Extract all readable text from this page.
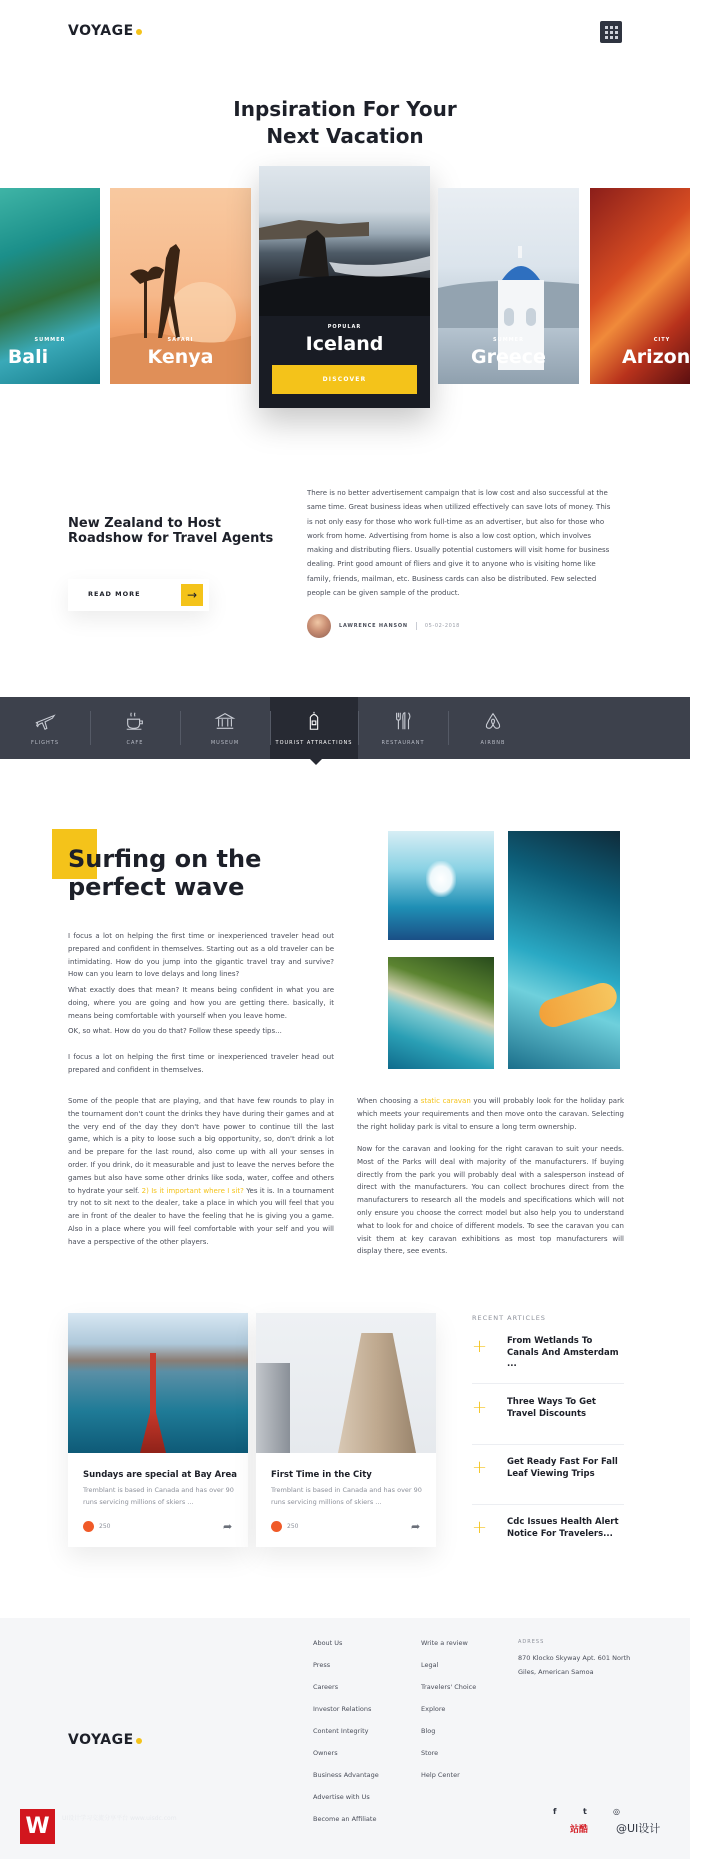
VOYAGE
Inpsiration For Your
Next Vacation
SUMMER
Bali
SAFARI
Kenya
POPULAR
Iceland
DISCOVER
SUMMER
Greece
CITY
Arizona
New Zealand to Host Roadshow for Travel Agents
READ MORE	→
There is no better advertisement campaign that is low cost and also successful at the same time. Great business ideas when utilized effectively can save lots of money. This is not only easy for those who work full-time as an advertiser, but also for those who work from home. Advertising from home is also a low cost option, which involves making and distributing fliers. Usually potential customers will visit home for business dealing. Print good amount of fliers and give it to anyone who is visiting home like family, friends, mailman, etc. Business cards can also be distributed. Few selected people can be given sample of the product.
LAWRENCE HANSON	05-02-2018
FLIGHTS	CAFE	MUSEUM	TOURIST ATTRACTIONS	RESTAURANT	AIRBNB
Surfing on the
perfect wave
I focus a lot on helping the first time or inexperienced traveler head out prepared and confident in themselves. Starting out as a old traveler can be intimidating. How do you jump into the gigantic travel tray and survive? How can you learn to love delays and long lines?
What exactly does that mean? It means being confident in what you are doing, where you are going and how you are getting there. basically, it means being comfortable with yourself when you leave home.
OK, so what. How do you do that? Follow these speedy tips...
I focus a lot on helping the first time or inexperienced traveler head out prepared and confident in themselves.
Some of the people that are playing, and that have few rounds to play in the tournament don't count the drinks they have during their games and at the very end of the day they don't have power to continue till the last game, which is a pity to loose such a big opportunity, so, don't drink a lot and be prepare for the last round, also come up with all your senses in order. If you drink, do it measurable and just to leave the nerves before the games but also have some other drinks like soda, water, coffee and others to hydrate your self. 2) Is it important where I sit? Yes it is. In a tournament try not to sit next to the dealer, take a place in which you will feel that you are in front of the dealer to have the feeling that he is giving you a game. Also in a place where you will feel comfortable with your self and you will have a perspective of the other players.
When choosing a static caravan you will probably look for the holiday park which meets your requirements and then move onto the caravan. Selecting the right holiday park is vital to ensure a long term ownership.
Now for the caravan and looking for the right caravan to suit your needs. Most of the Parks will deal with majority of the manufacturers. If buying directly from the park you will probably deal with a salesperson instead of direct with the manufacturers. You can collect brochures direct from the manufacturers to research all the models and specifications which will not only ensure you choose the correct model but also help you to understand what to look for and choice of different models. To see the caravan you can visit them at key caravan exhibitions as most top manufacturers will display there, see events.
Sundays are special at Bay Area
Tremblant is based in Canada and has over 90 runs servicing millions of skiers ...
250	➦
First Time in the City
Tremblant is based in Canada and has over 90 runs servicing millions of skiers ...
250	➦
RECENT ARTICLES
+ From Wetlands To Canals And Amsterdam ...
+ Three Ways To Get Travel Discounts
+ Get Ready Fast For Fall Leaf Viewing Trips
+ Cdc Issues Health Alert Notice For Travelers...
VOYAGE
About Us
Press
Careers
Investor Relations
Content Integrity
Owners
Business Advantage
Advertise with Us
Become an Affiliate
Write a review
Legal
Travelers' Choice
Explore
Blog
Store
Help Center
ADRESS
870 Klocko Skyway Apt. 601 North Giles, American Samoa
f	t	◎
W	UI设计学习交流分享平台 www.uisdc.com
站酷	@UI设计
